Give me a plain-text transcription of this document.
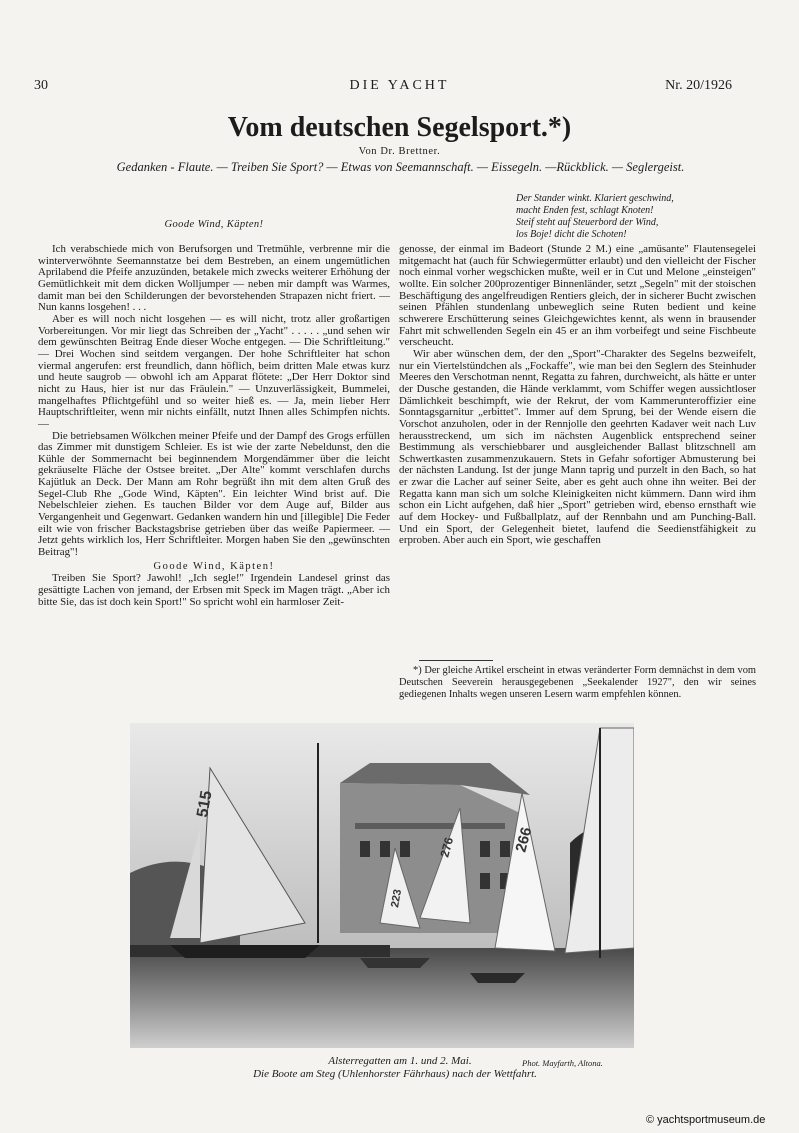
30	DIE YACHT	Nr. 20/1926
Vom deutschen Segelsport.*)
Von Dr. Brettner.
Gedanken - Flaute. — Treiben Sie Sport? — Etwas von Seemannschaft. — Eissegeln. —Rückblick. — Seglergeist.
Der Stander winkt. Klariert geschwind,
macht Enden fest, schlagt Knoten!
Steif steht auf Steuerbord der Wind,
los Boje! dicht die Schoten!
Goode Wind, Käpten!

Ich verabschiede mich von Berufsorgen und Tretmühle, verbrenne mir die winterverwöhnte Seemannstatze bei dem Bestreben, an einem ungemütlichen Aprilabend die Pfeife anzuzünden, betakele mich zwecks weiterer Erhöhung der Gemütlichkeit mit dem dicken Wolljumper — neben mir dampft was Warmes, damit man bei den Schilderungen der bevorstehenden Strapazen nicht friert. — Nun kanns losgehen! . . .

Aber es will noch nicht losgehen — es will nicht, trotz aller großartigen Vorbereitungen. Vor mir liegt das Schreiben der „Yacht" . . . . . „und sehen wir dem gewünschten Beitrag Ende dieser Woche entgegen. — Die Schriftleitung." — Drei Wochen sind seitdem vergangen. Der hohe Schriftleiter hat schon viermal angerufen: erst freundlich, dann höflich, beim dritten Male etwas kurz und heute saugrob — obwohl ich am Apparat flötete: „Der Herr Doktor sind nicht zu Haus, hier ist nur das Fräulein." — Unzuverlässigkeit, Bummelei, mangelhaftes Pflichtgefühl und so weiter hieß es. — Ja, mein lieber Herr Hauptschriftleiter, wenn mir nichts einfällt, nutzt Ihnen alles Schimpfen nichts. —

Die betriebsamen Wölkchen meiner Pfeife und der Dampf des Grogs erfüllen das Zimmer mit dunstigem Schleier. Es ist wie der zarte Nebeldunst, den die Kühle der Sommernacht bei beginnendem Morgendämmer über die leicht gekräuselte Fläche der Ostsee breitet. „Der Alte" kommt verschlafen durchs Kajütluk an Deck. Der Mann am Rohr begrüßt ihn mit dem alten Gruß des Segel-Club Rhe „Gode Wind, Käpten". Ein leichter Wind brist auf. Die Nebelschleier ziehen. Es tauchen Bilder vor dem Auge auf, Bilder aus Vergangenheit und Gegenwart. Gedanken wandern hin und [illegible] Die Feder eilt wie von frischer Backstagsbrise getrieben über das weiße Papiermeer. — Jetzt gehts wirklich los, Herr Schriftleiter. Morgen haben Sie den „gewünschten Beitrag"!

Goode Wind, Käpten!

Treiben Sie Sport? Jawohl! „Ich segle!" Irgendein Landesel grinst das gesättigte Lachen von jemand, der Erbsen mit Speck im Magen trägt. „Aber ich bitte Sie, das ist doch kein Sport!" So spricht wohl ein harmloser Zeit-

genosse, der einmal im Badeort (Stunde 2 M.) eine „amüsante" Flautensegelei mitgemacht hat (auch für Schwiegermütter erlaubt) und den vielleicht der Fischer noch einmal vorher wegschicken mußte, weil er in Cut und Melone „einsteigen" wollte. Ein solcher 200prozentiger Binnenländer, setzt „Segeln" mit der stoischen Beschäftigung des angelfreudigen Rentiers gleich, der in sicherer Bucht zwischen seinen Pfählen stundenlang unbeweglich seine Ruten bedient und keine schwerere Erschütterung seines Gleichgewichtes kennt, als wenn in brausender Fahrt mit schwellenden Segeln ein 45 er an ihm vorbeifegt und seine Fischbeute verscheucht.

Wir aber wünschen dem, der den „Sport"-Charakter des Segelns bezweifelt, nur ein Viertelstündchen als „Fockaffe", wie man bei den Seglern des Steinhuder Meeres den Verschotman nennt, Regatta zu fahren, durchweicht, als hätte er unter der Dusche gestanden, die Hände verklammt, vom Schiffer wegen aussichtloser Dämlichkeit beschimpft, wie der Rekrut, der vom Kammerunteroffizier eine Sonntagsgarnitur „erbittet". Immer auf dem Sprung, bei der Wende eisern die Vorschot anzuholen, oder in der Rennjolle den geehrten Kadaver weit nach Luv herausstreckend, um sich im nächsten Augenblick entsprechend seiner Bestimmung als verschiebbarer und ausgleichender Ballast blitzschnell am Schwertkasten zusammenzukauern. Stets in Gefahr sofortiger Abmusterung bei der nächsten Landung. Ist der junge Mann taprig und purzelt in den Bach, so hat er zwar die Lacher auf seiner Seite, aber es geht auch ohne ihn weiter. Bei der Regatta kann man sich um solche Kleinigkeiten nicht kümmern. Dann wird ihm schon ein Licht aufgehen, daß hier „Sport" getrieben wird, ebenso ernsthaft wie auf dem Hockey- und Fußballplatz, auf der Rennbahn und am Punching-Ball. Und ein Sport, der Gelegenheit bietet, laufend die Seedienstfähigkeit zu erproben. Aber auch ein Sport, wie geschaffen

*) Der gleiche Artikel erscheint in etwas veränderter Form demnächst in dem vom Deutschen Seeverein herausgegebenen „Seekalender 1927", den wir seines gediegenen Inhalts wegen unseren Lesern warm empfehlen können.

515
223
276	266
Alsterregatten am 1. und 2. Mai.	Phot. Mayfarth, Altona.
Die Boote am Steg (Uhlenhorster Fährhaus) nach der Wettfahrt.
© yachtsportmuseum.de
